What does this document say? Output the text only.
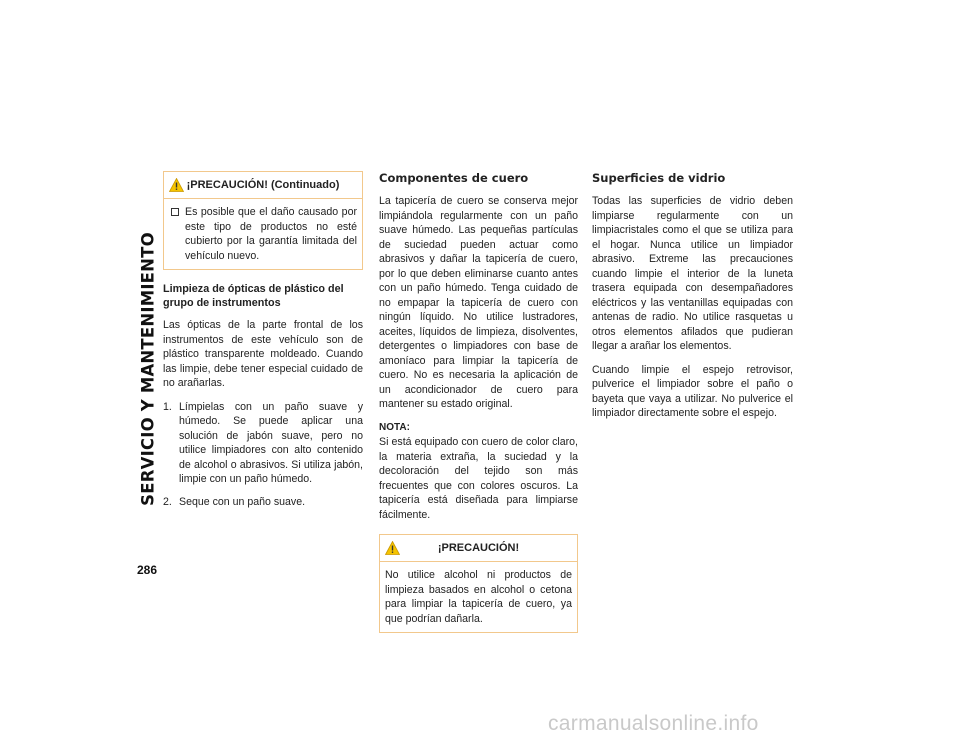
SERVICIO Y MANTENIMIENTO
286
¡PRECAUCIÓN! (Continuado)
Es posible que el daño causado por este tipo de productos no esté cubierto por la garantía limitada del vehículo nuevo.
Limpieza de ópticas de plástico del grupo de instrumentos

Las ópticas de la parte frontal de los instrumentos de este vehículo son de plástico transparente moldeado. Cuando las limpie, debe tener especial cuidado de no arañarlas.

1. Límpielas con un paño suave y húmedo. Se puede aplicar una solución de jabón suave, pero no utilice limpiadores con alto contenido de alcohol o abrasivos. Si utiliza jabón, limpie con un paño húmedo.
2. Seque con un paño suave.
Componentes de cuero

La tapicería de cuero se conserva mejor limpiándola regularmente con un paño suave húmedo. Las pequeñas partículas de suciedad pueden actuar como abrasivos y dañar la tapicería de cuero, por lo que deben eliminarse cuanto antes con un paño húmedo. Tenga cuidado de no empapar la tapicería de cuero con ningún líquido. No utilice lustradores, aceites, líquidos de limpieza, disolventes, detergentes o limpiadores con base de amoníaco para limpiar la tapicería de cuero. No es necesaria la aplicación de un acondicionador de cuero para mantener su estado original.

NOTA:

Si está equipado con cuero de color claro, la materia extraña, la suciedad y la decoloración del tejido son más frecuentes que con colores oscuros. La tapicería está diseñada para limpiarse fácilmente.

¡PRECAUCIÓN!

No utilice alcohol ni productos de limpieza basados en alcohol o cetona para limpiar la tapicería de cuero, ya que podrían dañarla.

Superficies de vidrio

Todas las superficies de vidrio deben limpiarse regularmente con un limpiacristales como el que se utiliza para el hogar. Nunca utilice un limpiador abrasivo. Extreme las precauciones cuando limpie el interior de la luneta trasera equipada con desempañadores eléctricos y las ventanillas equipadas con antenas de radio. No utilice rasquetas u otros elementos afilados que pudieran llegar a arañar los elementos.

Cuando limpie el espejo retrovisor, pulverice el limpiador sobre el paño o bayeta que vaya a utilizar. No pulverice el limpiador directamente sobre el espejo.

carmanualsonline.info
